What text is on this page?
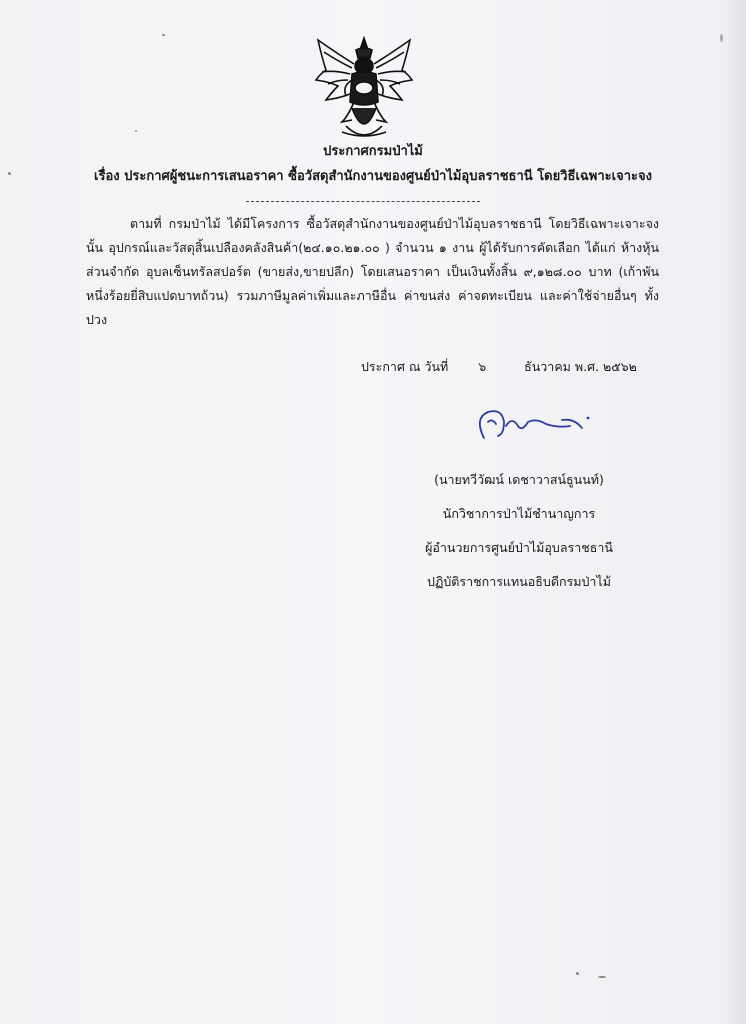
ประกาศกรมป่าไม้
เรื่อง ประกาศผู้ชนะการเสนอราคา ซื้อวัสดุสำนักงานของศูนย์ป่าไม้อุบลราชธานี โดยวิธีเฉพาะเจาะจง
ตามที่ กรมป่าไม้ ได้มีโครงการ ซื้อวัสดุสำนักงานของศูนย์ป่าไม้อุบลราชธานี โดยวิธีเฉพาะเจาะจง นั้น อุปกรณ์และวัสดุสิ้นเปลืองคลังสินค้า(๒๔.๑๐.๒๑.๐๐ ) จำนวน ๑ งาน ผู้ได้รับการคัดเลือก ได้แก่ ห้างหุ้นส่วนจำกัด อุบลเซ็นทรัลสปอร์ต (ขายส่ง,ขายปลีก) โดยเสนอราคา เป็นเงินทั้งสิ้น ๙,๑๒๘.๐๐ บาท (เก้าพันหนึ่งร้อยยี่สิบแปดบาทถ้วน) รวมภาษีมูลค่าเพิ่มและภาษีอื่น ค่าขนส่ง ค่าจดทะเบียน และค่าใช้จ่ายอื่นๆ ทั้งปวง
ประกาศ ณ วันที่ ๖	ธันวาคม พ.ศ. ๒๕๖๒
(นายทวีวัฒน์ เดชาวาสน์ธูนนท์)
นักวิชาการป่าไม้ชำนาญการ
ผู้อำนวยการศูนย์ป่าไม้อุบลราชธานี
ปฏิบัติราชการแทนอธิบดีกรมป่าไม้
